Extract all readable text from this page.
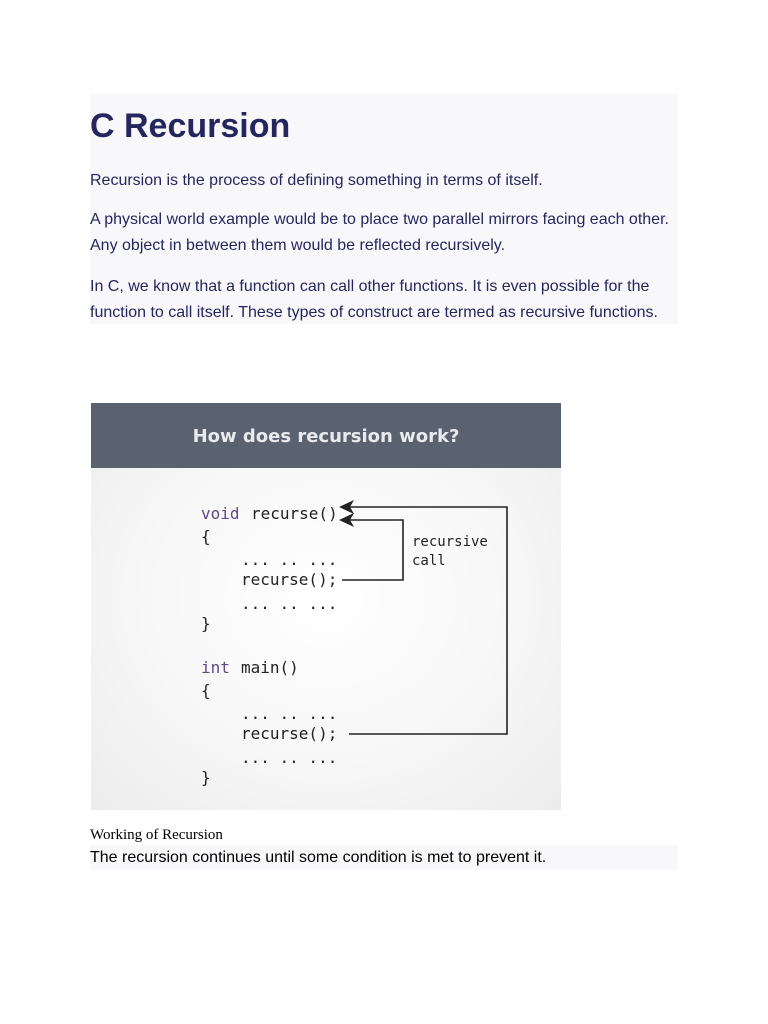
C Recursion

Recursion is the process of defining something in terms of itself.

A physical world example would be to place two parallel mirrors facing each other. Any object in between them would be reflected recursively.

In C, we know that a function can call other functions. It is even possible for the function to call itself. These types of construct are termed as recursive functions.

How does recursion work?
void recurse()
{
... .. ...
recurse();
... .. ...
}
int main()
{
... .. ...
recurse();
... .. ...
}
recursive
call
Working of Recursion

The recursion continues until some condition is met to prevent it.
